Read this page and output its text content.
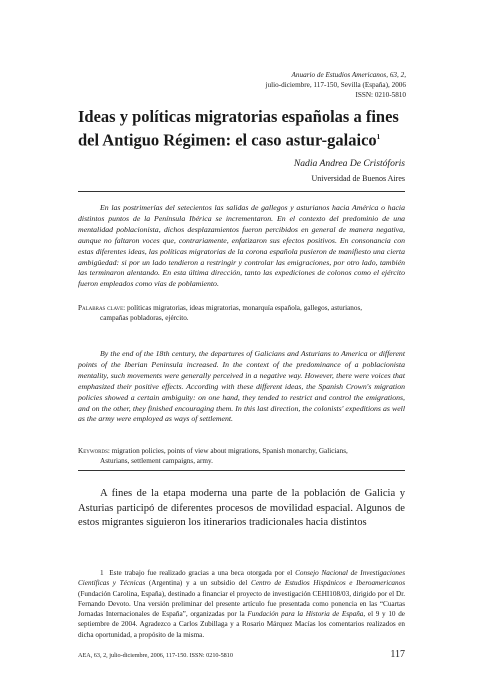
Anuario de Estudios Americanos, 63, 2,
julio-diciembre, 117-150, Sevilla (España), 2006
ISSN: 0210-5810
Ideas y políticas migratorias españolas a fines del Antiguo Régimen: el caso astur-galaico$^1$
Nadia Andrea De Cristóforis
Universidad de Buenos Aires

En las postrimerías del setecientos las salidas de gallegos y asturianos hacia América o hacia distintos puntos de la Península Ibérica se incrementaron. En el contexto del predominio de una mentalidad poblacionista, dichos desplazamientos fueron percibidos en general de manera negativa, aunque no faltaron voces que, contrariamente, enfatizaron sus efectos positivos. En consonancia con estas diferentes ideas, las políticas migratorias de la corona española pusieron de manifiesto una cierta ambigüedad: si por un lado tendieron a restringir y controlar las emigraciones, por otro lado, también las terminaron alentando. En esta última dirección, tanto las expediciones de colonos como el ejército fueron empleados como vías de poblamiento.

Palabras clave: políticas migratorias, ideas migratorias, monarquía española, gallegos, asturianos,
campañas pobladoras, ejército.

By the end of the 18th century, the departures of Galicians and Asturians to America or different points of the Iberian Peninsula increased. In the context of the predominance of a poblacionista mentality, such movements were generally perceived in a negative way. However, there were voices that emphasized their positive effects. According with these different ideas, the Spanish Crown's migration policies showed a certain ambiguity: on one hand, they tended to restrict and control the emigrations, and on the other, they finished encouraging them. In this last direction, the colonists' expeditions as well as the army were employed as ways of settlement.

Keywords: migration policies, points of view about migrations, Spanish monarchy, Galicians,
Asturians, settlement campaigns, army.

A fines de la etapa moderna una parte de la población de Galicia y Asturias participó de diferentes procesos de movilidad espacial. Algunos de estos migrantes siguieron los itinerarios tradicionales hacia distintos

1 Este trabajo fue realizado gracias a una beca otorgada por el Consejo Nacional de Investigaciones Científicas y Técnicas (Argentina) y a un subsidio del Centro de Estudios Hispánicos e Iberoamericanos (Fundación Carolina, España), destinado a financiar el proyecto de investigación CEHI108/03, dirigido por el Dr. Fernando Devoto. Una versión preliminar del presente artículo fue presentada como ponencia en las “Cuartas Jornadas Internacionales de España”, organizadas por la Fundación para la Historia de España, el 9 y 10 de septiembre de 2004. Agradezco a Carlos Zubillaga y a Rosario Márquez Macías los comentarios realizados en dicha oportunidad, a propósito de la misma.

AEA, 63, 2, julio-diciembre, 2006, 117-150. ISSN: 0210-5810	117
